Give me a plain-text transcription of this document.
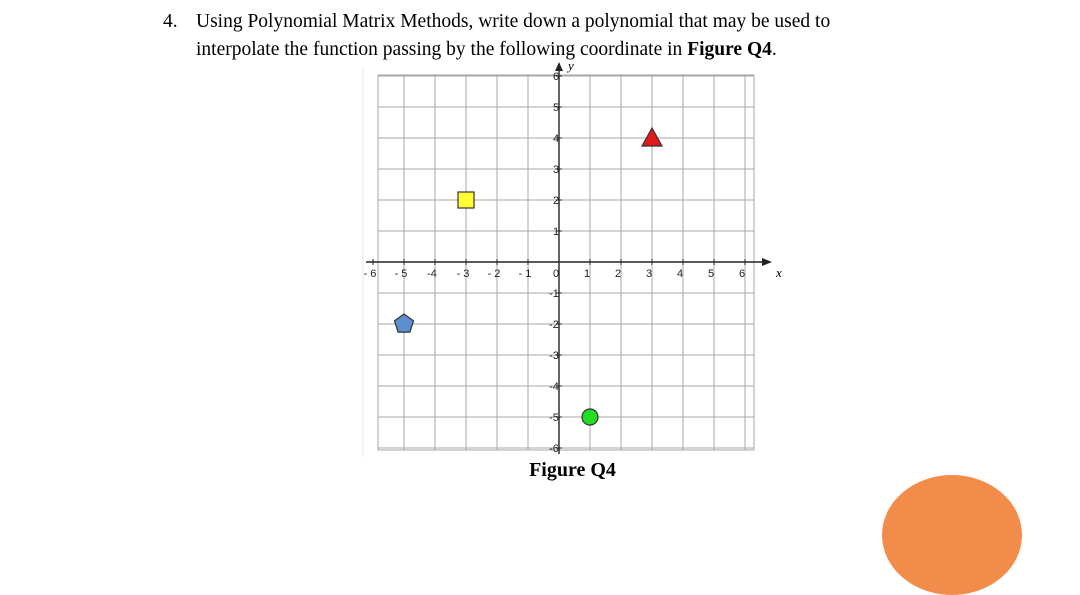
4. Using Polynomial Matrix Methods, write down a polynomial that may be used to
interpolate the function passing by the following coordinate in Figure Q4.
- 6 - 5 -4 - 3 - 2 - 1 0 1 2 3 4 5 6
6
5
4
3
2
1
-1
-2
-3
-4
-5
-6
x
y
Figure Q4
